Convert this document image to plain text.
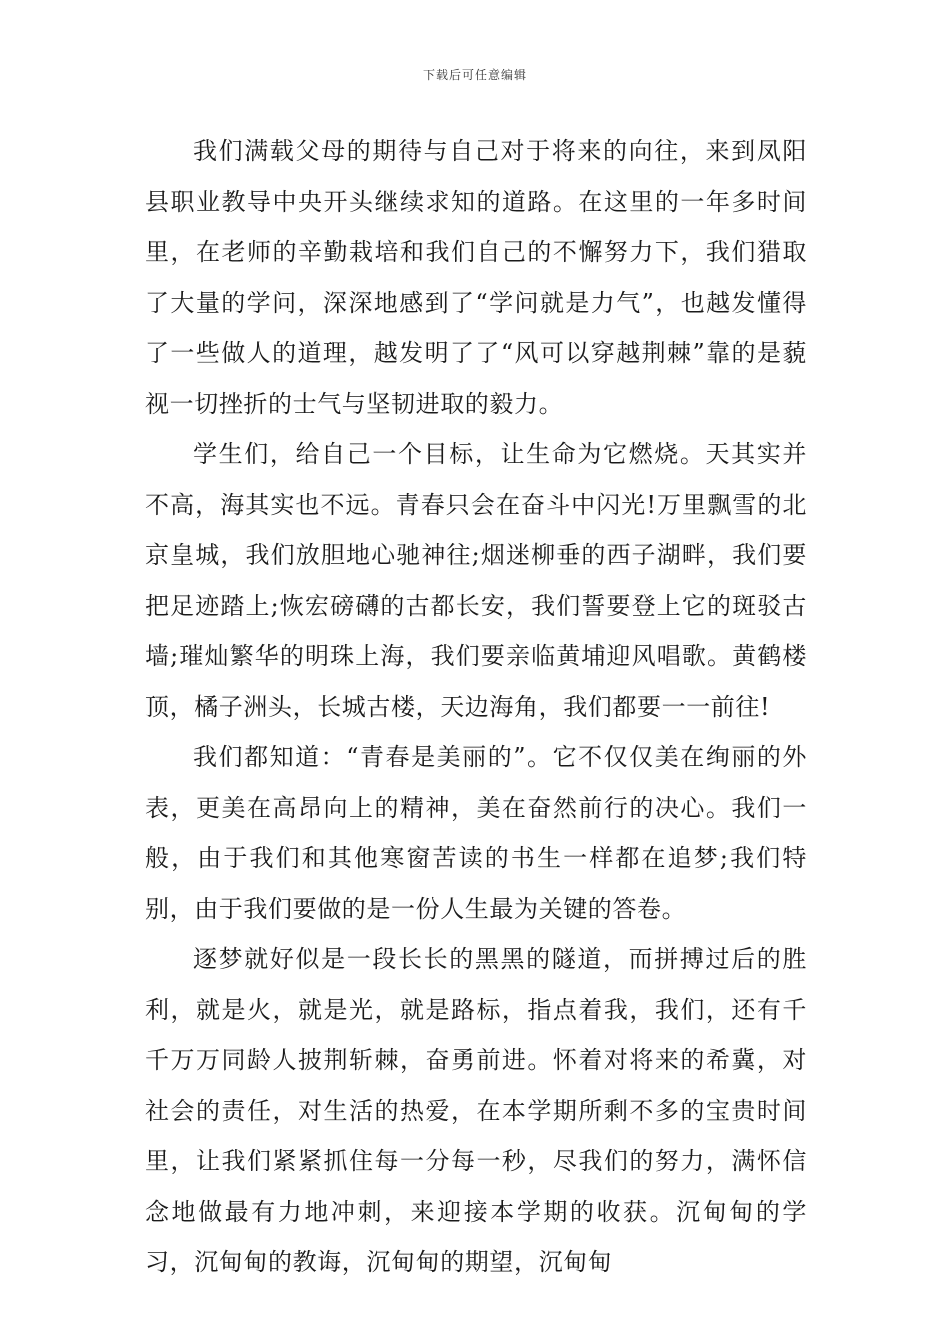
下载后可任意编辑

我们满载父母的期待与自己对于将来的向往，来到凤阳县职业教导中央开头继续求知的道路。在这里的一年多时间里，在老师的辛勤栽培和我们自己的不懈努力下，我们猎取了大量的学问，深深地感到了“学问就是力气”，也越发懂得了一些做人的道理，越发明了了“风可以穿越荆棘”靠的是藐视一切挫折的士气与坚韧进取的毅力。

学生们，给自己一个目标，让生命为它燃烧。天其实并不高，海其实也不远。青春只会在奋斗中闪光!万里飘雪的北京皇城，我们放胆地心驰神往;烟迷柳垂的西子湖畔，我们要把足迹踏上;恢宏磅礴的古都长安，我们誓要登上它的斑驳古墙;璀灿繁华的明珠上海，我们要亲临黄埔迎风唱歌。黄鹤楼顶，橘子洲头，长城古楼，天边海角，我们都要一一前往!

我们都知道：“青春是美丽的”。它不仅仅美在绚丽的外表，更美在高昂向上的精神，美在奋然前行的决心。我们一般，由于我们和其他寒窗苦读的书生一样都在追梦;我们特别，由于我们要做的是一份人生最为关键的答卷。

逐梦就好似是一段长长的黑黑的隧道，而拼搏过后的胜利，就是火，就是光，就是路标，指点着我，我们，还有千千万万同龄人披荆斩棘，奋勇前进。怀着对将来的希冀，对社会的责任，对生活的热爱，在本学期所剩不多的宝贵时间里，让我们紧紧抓住每一分每一秒，尽我们的努力，满怀信念地做最有力地冲刺，来迎接本学期的收获。沉甸甸的学习，沉甸甸的教诲，沉甸甸的期望，沉甸甸
